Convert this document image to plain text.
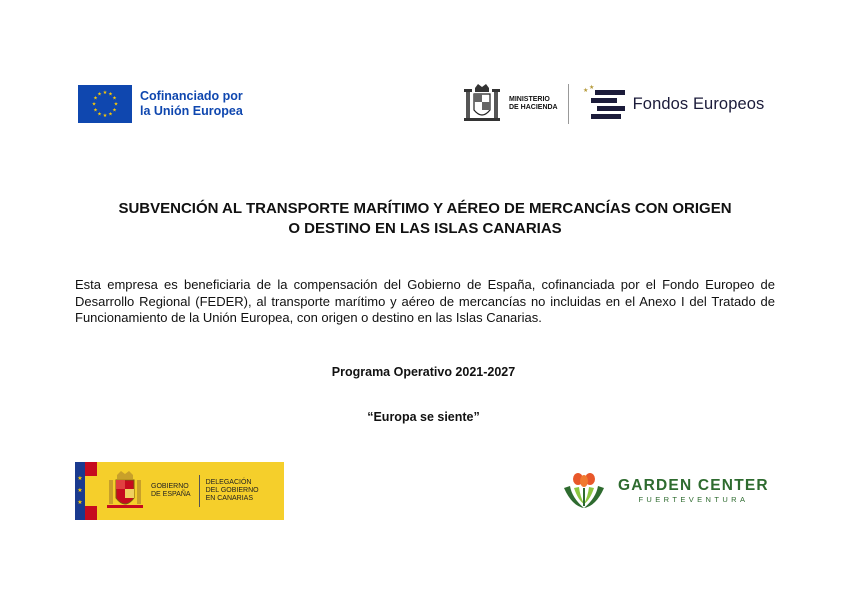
★ ★
★
★
★
★
★
★
★
★
★
★	Cofinanciado por
la Unión Europea
MINISTERIO
DE HACIENDA
★ ★
Fondos Europeos
SUBVENCIÓN AL TRANSPORTE MARÍTIMO Y AÉREO DE MERCANCÍAS CON ORIGEN
O DESTINO EN LAS ISLAS CANARIAS
Esta empresa es beneficiaria de la compensación del Gobierno de España, cofinanciada por el Fondo Europeo de Desarrollo Regional (FEDER), al transporte marítimo y aéreo de mercancías no incluidas en el Anexo I del Tratado de Funcionamiento de la Unión Europea, con origen o destino en las Islas Canarias.
Programa Operativo 2021-2027
“Europa se siente”
★
★
★
GOBIERNO
DE ESPAÑA
DELEGACIÓN
DEL GOBIERNO
EN CANARIAS
GARDEN CENTER
FUERTEVENTURA
